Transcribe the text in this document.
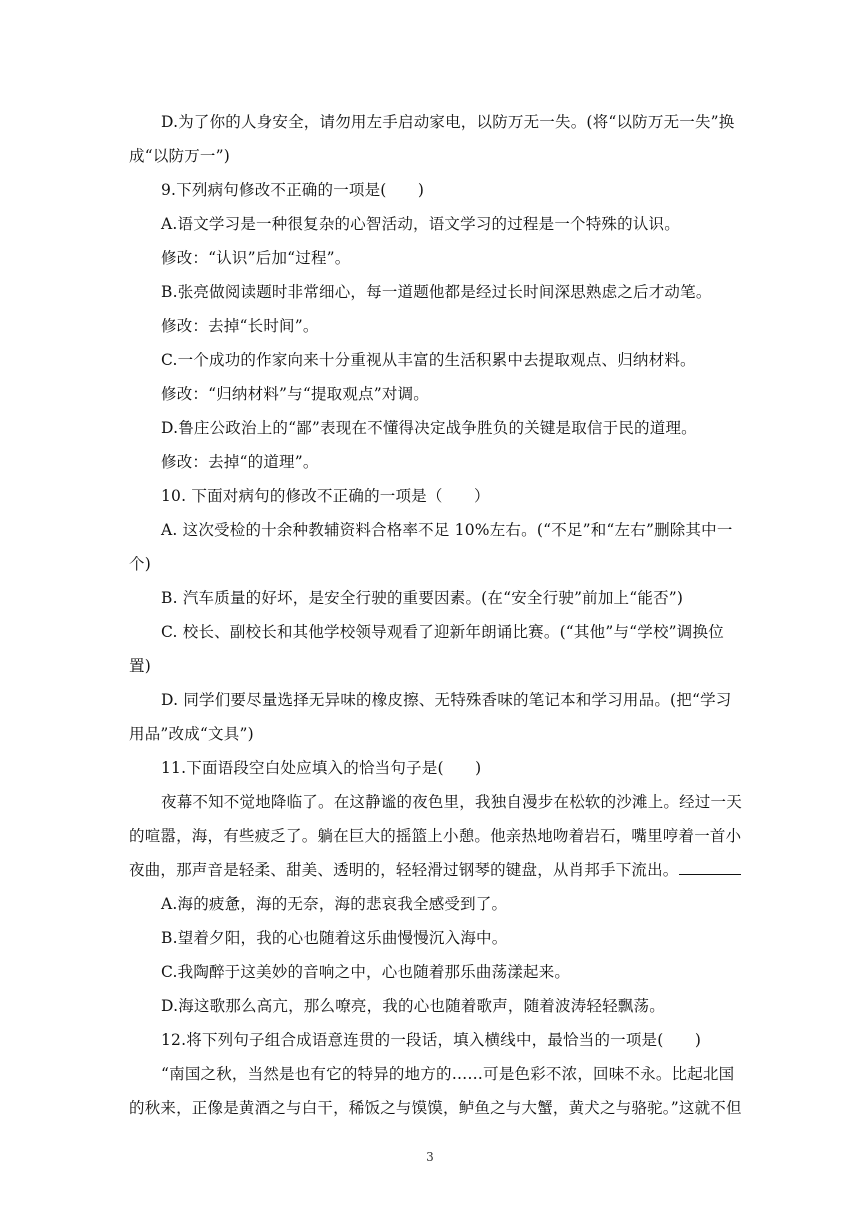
D.为了你的人身安全，请勿用左手启动家电，以防万无一失。(将“以防万无一失”换
成“以防万一”)
9.下列病句修改不正确的一项是(　　)
A.语文学习是一种很复杂的心智活动，语文学习的过程是一个特殊的认识。
修改：“认识”后加“过程”。
B.张亮做阅读题时非常细心，每一道题他都是经过长时间深思熟虑之后才动笔。
修改：去掉“长时间”。
C.一个成功的作家向来十分重视从丰富的生活积累中去提取观点、归纳材料。
修改：“归纳材料”与“提取观点”对调。
D.鲁庄公政治上的“鄙”表现在不懂得决定战争胜负的关键是取信于民的道理。
修改：去掉“的道理”。
10. 下面对病句的修改不正确的一项是（　　）
A. 这次受检的十余种教辅资料合格率不足 10%左右。(“不足”和“左右”删除其中一
个)
B. 汽车质量的好坏，是安全行驶的重要因素。(在“安全行驶”前加上“能否”)
C. 校长、副校长和其他学校领导观看了迎新年朗诵比赛。(“其他”与“学校”调换位
置)
D. 同学们要尽量选择无异味的橡皮擦、无特殊香味的笔记本和学习用品。(把“学习
用品”改成“文具”)
11.下面语段空白处应填入的恰当句子是(　　)
夜幕不知不觉地降临了。在这静谧的夜色里，我独自漫步在松软的沙滩上。经过一天
的喧嚣，海，有些疲乏了。躺在巨大的摇篮上小憩。他亲热地吻着岩石，嘴里哼着一首小
夜曲，那声音是轻柔、甜美、透明的，轻轻滑过钢琴的键盘，从肖邦手下流出。
A.海的疲惫，海的无奈，海的悲哀我全感受到了。
B.望着夕阳，我的心也随着这乐曲慢慢沉入海中。
C.我陶醉于这美妙的音响之中，心也随着那乐曲荡漾起来。
D.海这歌那么高亢，那么嘹亮，我的心也随着歌声，随着波涛轻轻飘荡。
12.将下列句子组合成语意连贯的一段话，填入横线中，最恰当的一项是(　　)
“南国之秋，当然是也有它的特异的地方的……可是色彩不浓，回味不永。比起北国
的秋来，正像是黄酒之与白干，稀饭之与馍馍，鲈鱼之与大蟹，黄犬之与骆驼。”这就不但
3
